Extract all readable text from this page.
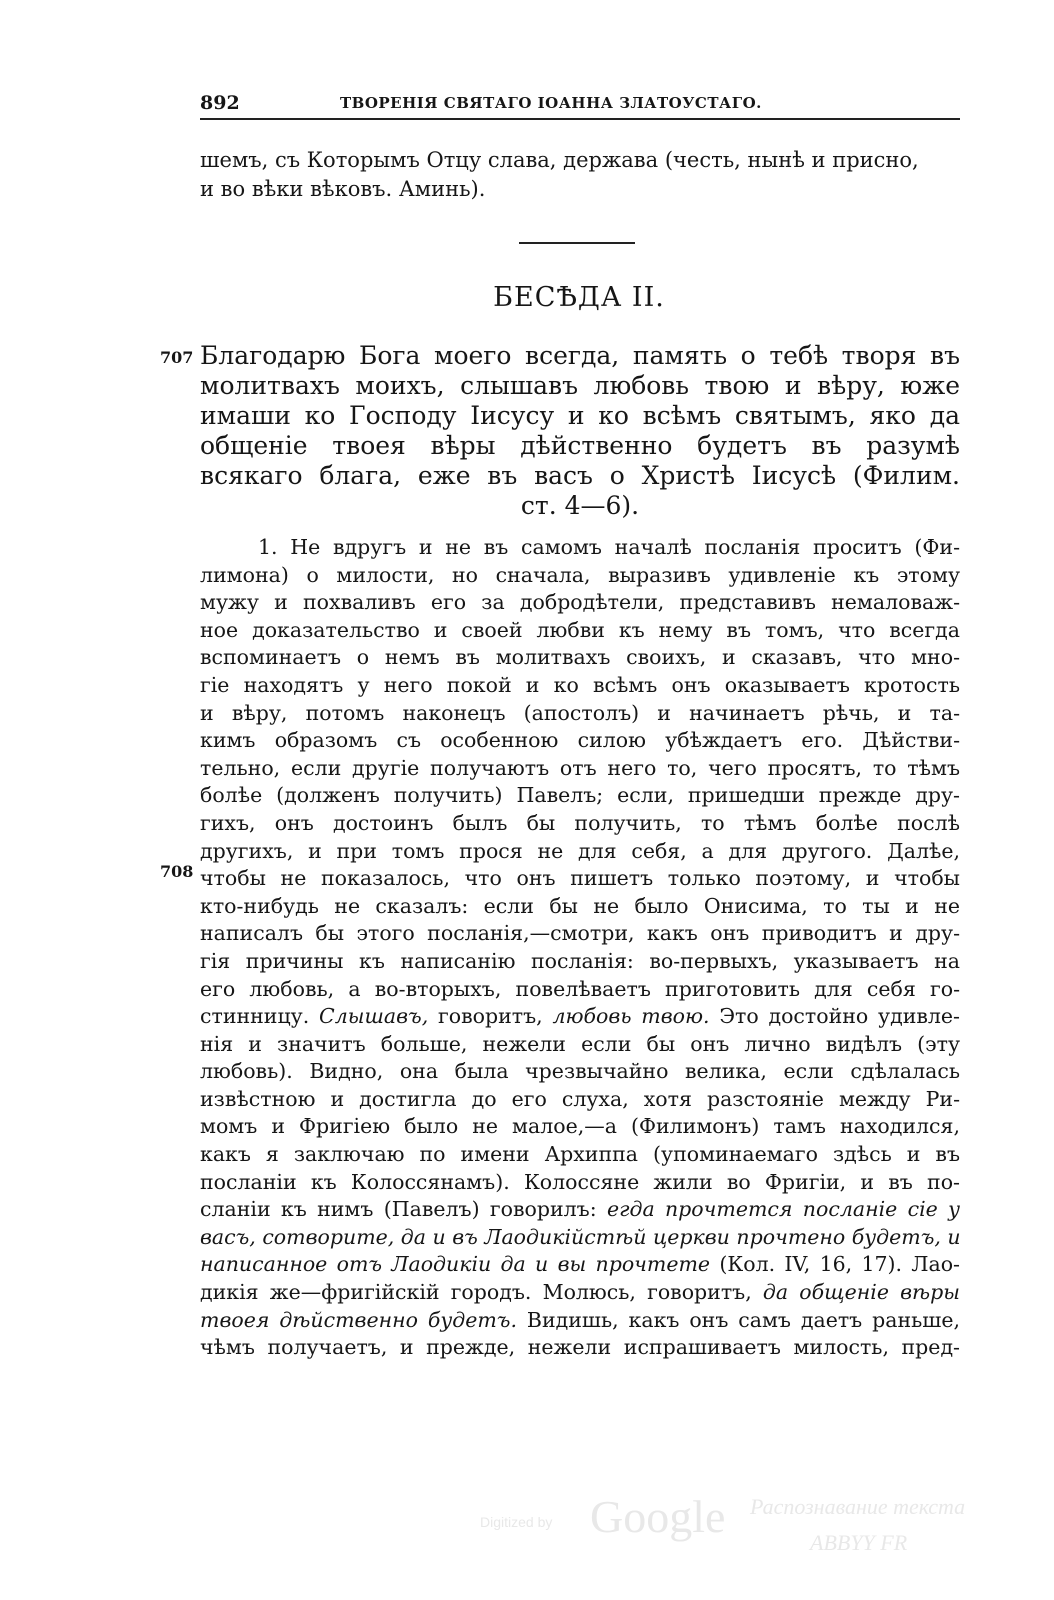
892	ТВОРЕНІЯ СВЯТАГО ІОАННА ЗЛАТОУСТАГО.
шемъ, съ Которымъ Отцу слава, держава (честь, нынѣ и присно,
и во вѣки вѣковъ. Аминь).
БЕСѢДА II.
707 Благодарю Бога моего всегда, память о тебѣ творя въ
молитвахъ моихъ, слышавъ любовь твою и вѣру, юже
имаши ко Господу Іисусу и ко всѣмъ святымъ, яко да
общеніе твоея вѣры дѣйственно будетъ въ разумѣ
всякаго блага, еже въ васъ о Христѣ Іисусѣ (Филим.
ст. 4—6).
708
1. Не вдругъ и не въ самомъ началѣ посланія проситъ (Фи-
лимона) о милости, но сначала, выразивъ удивленіе къ этому
мужу и похваливъ его за добродѣтели, представивъ немаловаж-
ное доказательство и своей любви къ нему въ томъ, что всегда
вспоминаетъ о немъ въ молитвахъ своихъ, и сказавъ, что мно-
гіе находятъ у него покой и ко всѣмъ онъ оказываетъ кротость
и вѣру, потомъ наконецъ (апостолъ) и начинаетъ рѣчь, и та-
кимъ образомъ съ особенною силою убѣждаетъ его. Дѣйстви-
тельно, если другіе получаютъ отъ него то, чего просятъ, то тѣмъ
болѣе (долженъ получить) Павелъ; если, пришедши прежде дру-
гихъ, онъ достоинъ былъ бы получить, то тѣмъ болѣе послѣ
другихъ, и при томъ прося не для себя, а для другого. Далѣе,
чтобы не показалось, что онъ пишетъ только поэтому, и чтобы
кто-нибудь не сказалъ: если бы не было Онисима, то ты и не
написалъ бы этого посланія,—смотри, какъ онъ приводитъ и дру-
гія причины къ написанію посланія: во-первыхъ, указываетъ на
его любовь, а во-вторыхъ, повелѣваетъ приготовить для себя го-
стинницу. Слышавъ, говоритъ, любовь твою. Это достойно удивле-
нія и значитъ больше, нежели если бы онъ лично видѣлъ (эту
любовь). Видно, она была чрезвычайно велика, если сдѣлалась
извѣстною и достигла до его слуха, хотя разстояніе между Ри-
момъ и Фригіею было не малое,—а (Филимонъ) тамъ находился,
какъ я заключаю по имени Архиппа (упоминаемаго здѣсь и въ
посланіи къ Колоссянамъ). Колоссяне жили во Фригіи, и въ по-
сланіи къ нимъ (Павелъ) говорилъ: егда прочтется посланіе сіе у
васъ, сотворите, да и въ Лаодикійстѣй церкви прочтено будетъ, и
написанное отъ Лаодикіи да и вы прочтете (Кол. IV, 16, 17). Лао-
дикія же—фригійскій городъ. Молюсь, говоритъ, да общеніе вѣры
твоея дѣйственно будетъ. Видишь, какъ онъ самъ даетъ раньше,
чѣмъ получаетъ, и прежде, нежели испрашиваетъ милость, пред-
Digitized by Google Распознавание текста
ABBYY FR
